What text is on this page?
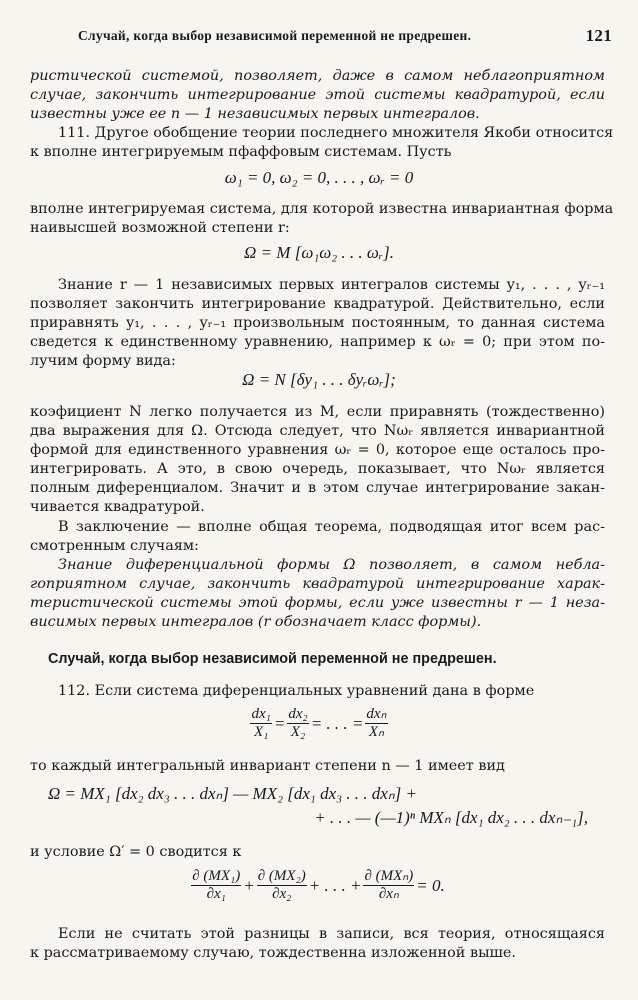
Случай, когда выбор независимой переменной не предрешен.	121

ристической системой, позволяет, даже в самом неблагоприятном

случае, закончить интегрирование этой системы квадратурой, если

известны уже ее n — 1 независимых первых интегралов.

111. Другое обобщение теории последнего множителя Якоби относится

к вполне интегрируемым пфаффовым системам. Пусть

ω₁ = 0, ω₂ = 0, . . . , ωᵣ = 0

вполне интегрируемая система, для которой известна инвариантная форма

наивысшей возможной степени r:

Ω = M [ω₁ω₂ . . . ωᵣ].

Знание r — 1 независимых первых интегралов системы y₁, . . . , yᵣ₋₁

позволяет закончить интегрирование квадратурой. Действительно, если

приравнять y₁, . . . , yᵣ₋₁ произвольным постоянным, то данная система

сведется к единственному уравнению, например к ωᵣ = 0; при этом по-

лучим форму вида:

Ω = N [δy₁ . . . δyᵣωᵣ];

коэфициент N легко получается из M, если приравнять (тождественно)

два выражения для Ω. Отсюда следует, что Nωᵣ является инвариантной

формой для единственного уравнения ωᵣ = 0, которое еще осталось про-

интегрировать. А это, в свою очередь, показывает, что Nωᵣ является

полным диференциалом. Значит и в этом случае интегрирование закан-

чивается квадратурой.

В заключение — вполне общая теорема, подводящая итог всем рас-

смотренным случаям:

Знание диференциальной формы Ω позволяет, в самом небла-

гоприятном случае, закончить квадратурой интегрирование харак-

теристической системы этой формы, если уже известны r — 1 неза-

висимых первых интегралов (r обозначает класс формы).

Случай, когда выбор независимой переменной не предрешен.

112. Если система диференциальных уравнений дана в форме

$\frac{\text{dx₁}}{\text{X₁}} = \frac{\text{dx₂}}{\text{X₂}}$ = . . . = $\frac{\text{dxₙ}}{\text{Xₙ}}$

то каждый интегральный инвариант степени n — 1 имеет вид

Ω = MX₁ [dx₂ dx₃ . . . dxₙ] — MX₂ [dx₁ dx₃ . . . dxₙ] +

+ . . . — (—1)ⁿ MXₙ [dx₁ dx₂ . . . dxₙ₋₁],

и условие Ω′ = 0 сводится к

$\frac{\text{∂ (MX₁)}}{\text{∂x₁}} + \frac{\text{∂ (MX₂)}}{\text{∂x₂}}$ + . . . + $\frac{\text{∂ (MXₙ)}}{\text{∂xₙ}} = 0$.

Если не считать этой разницы в записи, вся теория, относящаяся

к рассматриваемому случаю, тождественна изложенной выше.
